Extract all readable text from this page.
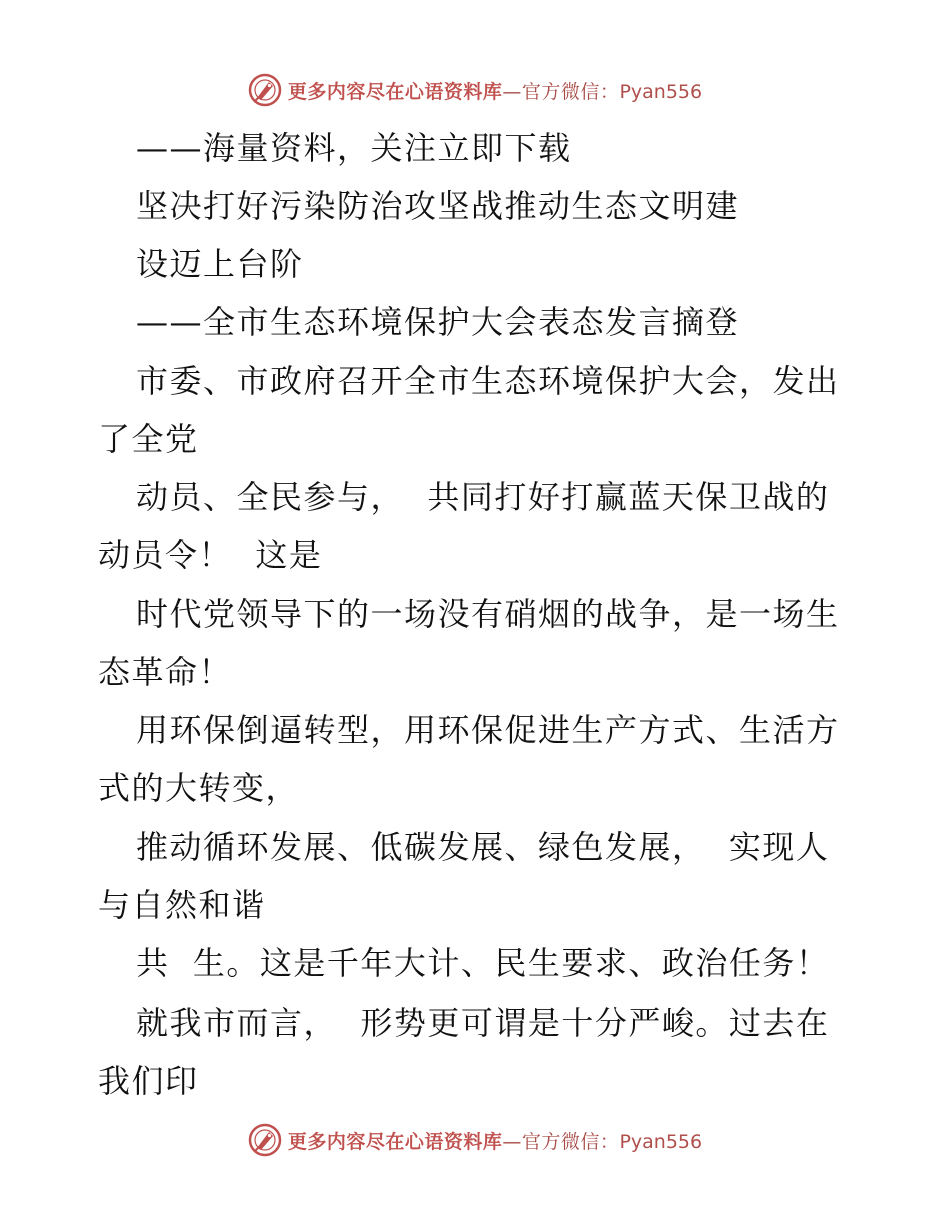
更多内容尽在心语资料库—官方微信：Pyan556
——海量资料，关注立即下载
坚决打好污染防治攻坚战推动生态文明建
设迈上台阶
——全市生态环境保护大会表态发言摘登
市委、市政府召开全市生态环境保护大会，发出
了全党
动员、全民参与，  共同打好打赢蓝天保卫战的
动员令！  这是
时代党领导下的一场没有硝烟的战争，是一场生
态革命！
用环保倒逼转型，用环保促进生产方式、生活方
式的大转变，
推动循环发展、低碳发展、绿色发展，  实现人
与自然和谐
共  生。这是千年大计、民生要求、政治任务！
就我市而言，  形势更可谓是十分严峻。过去在
我们印
更多内容尽在心语资料库—官方微信：Pyan556
